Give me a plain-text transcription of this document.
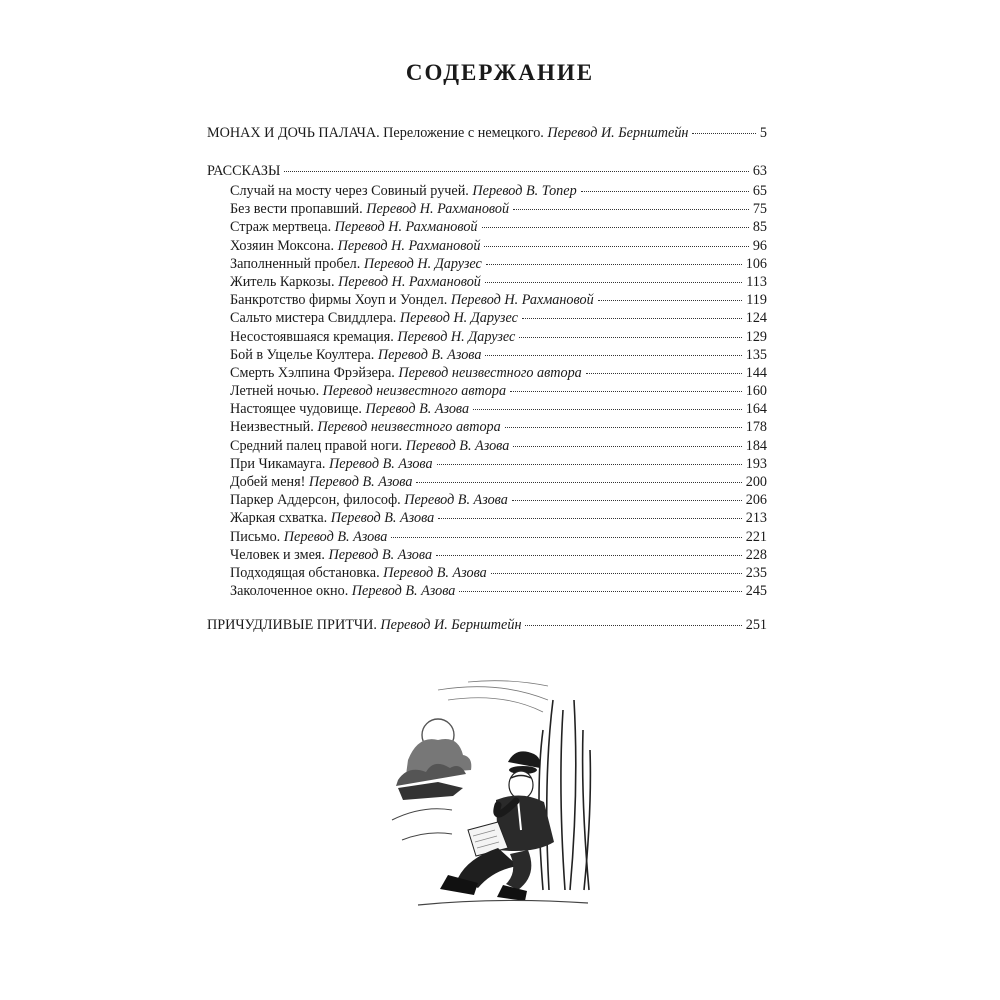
СОДЕРЖАНИЕ
МОНАХ И ДОЧЬ ПАЛАЧА. Переложение с немецкого. Перевод И. Бернштейн	5
РАССКАЗЫ	63
Случай на мосту через Совиный ручей. Перевод В. Топер	65
Без вести пропавший. Перевод Н. Рахмановой	75
Страж мертвеца. Перевод Н. Рахмановой	85
Хозяин Моксона. Перевод Н. Рахмановой	96
Заполненный пробел. Перевод Н. Дарузес	106
Житель Каркозы. Перевод Н. Рахмановой	113
Банкротство фирмы Хоуп и Уондел. Перевод Н. Рахмановой	119
Сальто мистера Свиддлера. Перевод Н. Дарузес	124
Несостоявшаяся кремация. Перевод Н. Дарузес	129
Бой в Ущелье Коултера. Перевод В. Азова	135
Смерть Хэлпина Фрэйзера. Перевод неизвестного автора	144
Летней ночью. Перевод неизвестного автора	160
Настоящее чудовище. Перевод В. Азова	164
Неизвестный. Перевод неизвестного автора	178
Средний палец правой ноги. Перевод В. Азова	184
При Чикамауга. Перевод В. Азова	193
Добей меня! Перевод В. Азова	200
Паркер Аддерсон, философ. Перевод В. Азова	206
Жаркая схватка. Перевод В. Азова	213
Письмо. Перевод В. Азова	221
Человек и змея. Перевод В. Азова	228
Подходящая обстановка. Перевод В. Азова	235
Заколоченное окно. Перевод В. Азова	245
ПРИЧУДЛИВЫЕ ПРИТЧИ. Перевод И. Бернштейн	251
